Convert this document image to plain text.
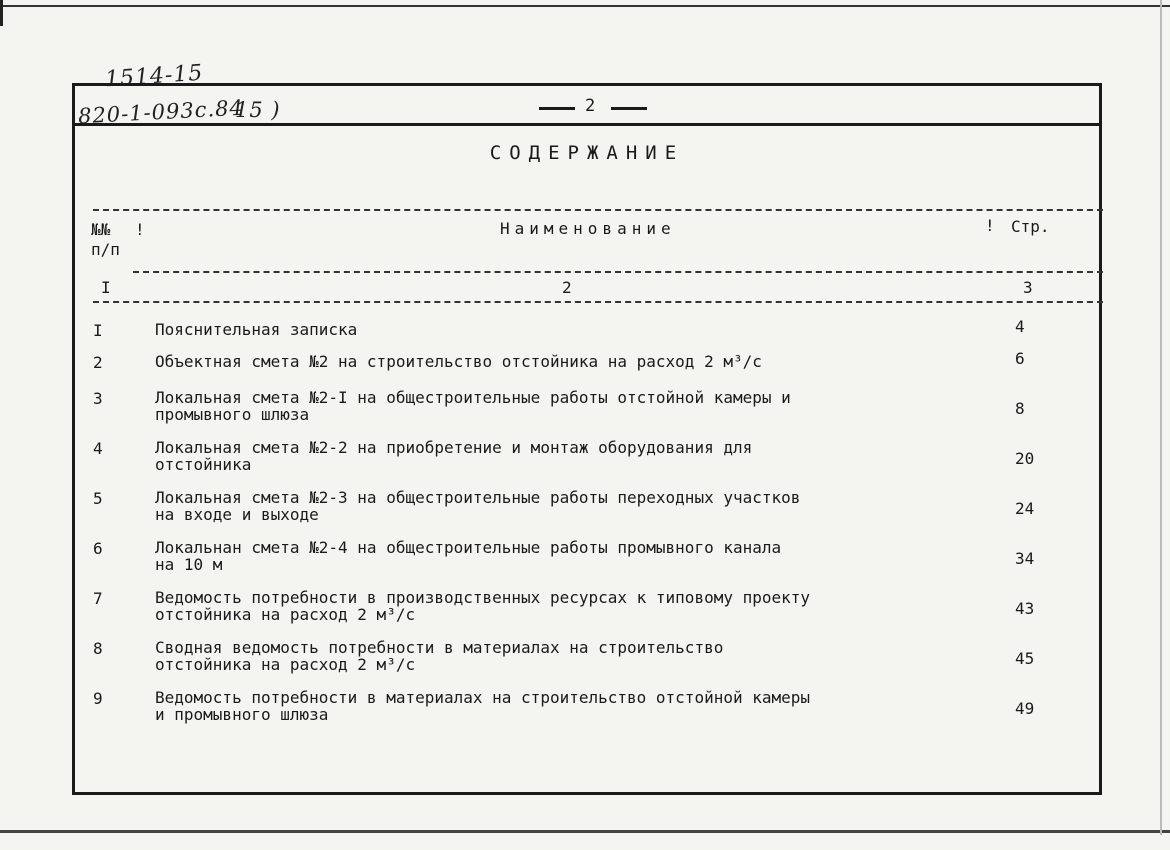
1514-15
820-1-093с.84
15 )	2
СОДЕРЖАНИЕ
№№
п/п
!	Наименование	! Стр.
I	2	3
I	Пояснительная записка	4
2	Объектная смета №2 на строительство отстойника на расход 2 м³/с	6
3	Локальная смета №2-I на общестроительные работы отстойной камеры и
промывного шлюза	8
4	Локальная смета №2-2 на приобретение и монтаж оборудования для
отстойника	20
5	Локальная смета №2-3 на общестроительные работы переходных участков
на входе и выходе	24
6	Локальнан смета №2-4 на общестроительные работы промывного канала
на 10 м	34
7	Ведомость потребности в производственных ресурсах к типовому проекту
отстойника на расход 2 м³/с	43
8	Сводная ведомость потребности в материалах на строительство
отстойника на расход 2 м³/с	45
9	Ведомость потребности в материалах на строительство отстойной камеры
и промывного шлюза	49
